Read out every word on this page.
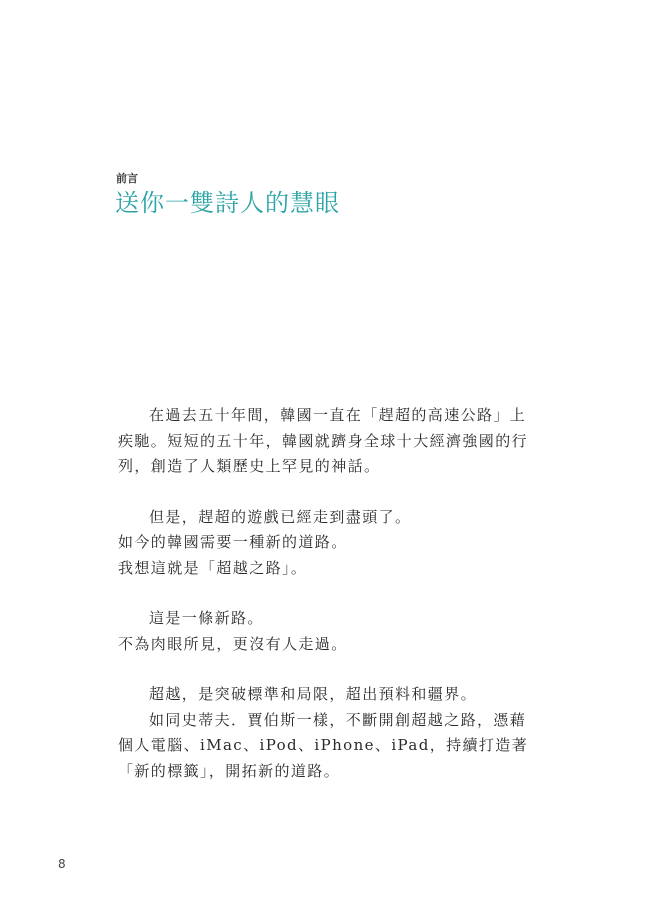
前言
送你一雙詩人的慧眼

在過去五十年間，韓國一直在「趕超的高速公路」上疾馳。短短的五十年，韓國就躋身全球十大經濟強國的行列，創造了人類歷史上罕見的神話。

但是，趕超的遊戲已經走到盡頭了。

如今的韓國需要一種新的道路。

我想這就是「超越之路」。

這是一條新路。

不為肉眼所見，更沒有人走過。

超越，是突破標準和局限，超出預料和疆界。

如同史蒂夫．賈伯斯一樣，不斷開創超越之路，憑藉個人電腦、iMac、iPod、iPhone、iPad，持續打造著「新的標籤」，開拓新的道路。

8
